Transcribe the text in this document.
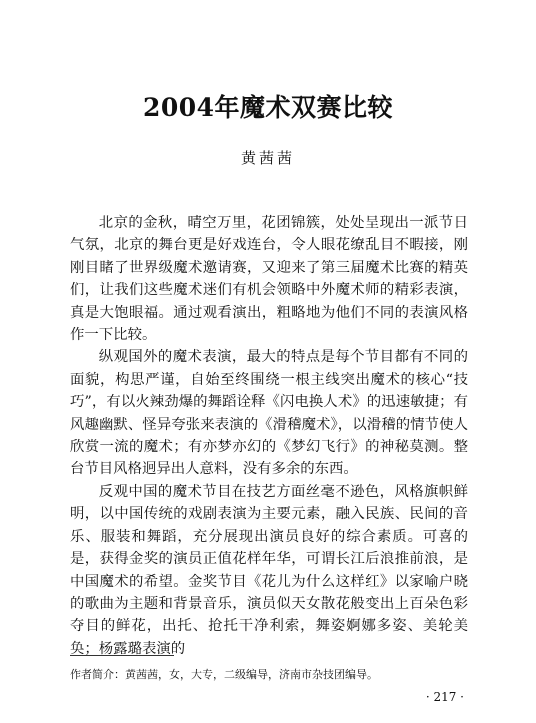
2004年魔术双赛比较
黄茜茜

北京的金秋，晴空万里，花团锦簇，处处呈现出一派节日气氛，北京的舞台更是好戏连台，令人眼花缭乱目不暇接，刚刚目睹了世界级魔术邀请赛，又迎来了第三届魔术比赛的精英们，让我们这些魔术迷们有机会领略中外魔术师的精彩表演，真是大饱眼福。通过观看演出，粗略地为他们不同的表演风格作一下比较。

纵观国外的魔术表演，最大的特点是每个节目都有不同的面貌，构思严谨，自始至终围绕一根主线突出魔术的核心“技巧”，有以火辣劲爆的舞蹈诠释《闪电换人术》的迅速敏捷；有风趣幽默、怪异夸张来表演的《滑稽魔术》，以滑稽的情节使人欣赏一流的魔术；有亦梦亦幻的《梦幻飞行》的神秘莫测。整台节目风格迥异出人意料，没有多余的东西。

反观中国的魔术节目在技艺方面丝毫不逊色，风格旗帜鲜明，以中国传统的戏剧表演为主要元素，融入民族、民间的音乐、服装和舞蹈，充分展现出演员良好的综合素质。可喜的是，获得金奖的演员正值花样年华，可谓长江后浪推前浪，是中国魔术的希望。金奖节目《花儿为什么这样红》以家喻户晓的歌曲为主题和背景音乐，演员似天女散花般变出上百朵色彩夺目的鲜花，出托、抢托干净利索，舞姿婀娜多姿、美轮美奂；杨露璐表演的

作者简介：黄茜茜，女，大专，二级编导，济南市杂技团编导。
· 217 ·
